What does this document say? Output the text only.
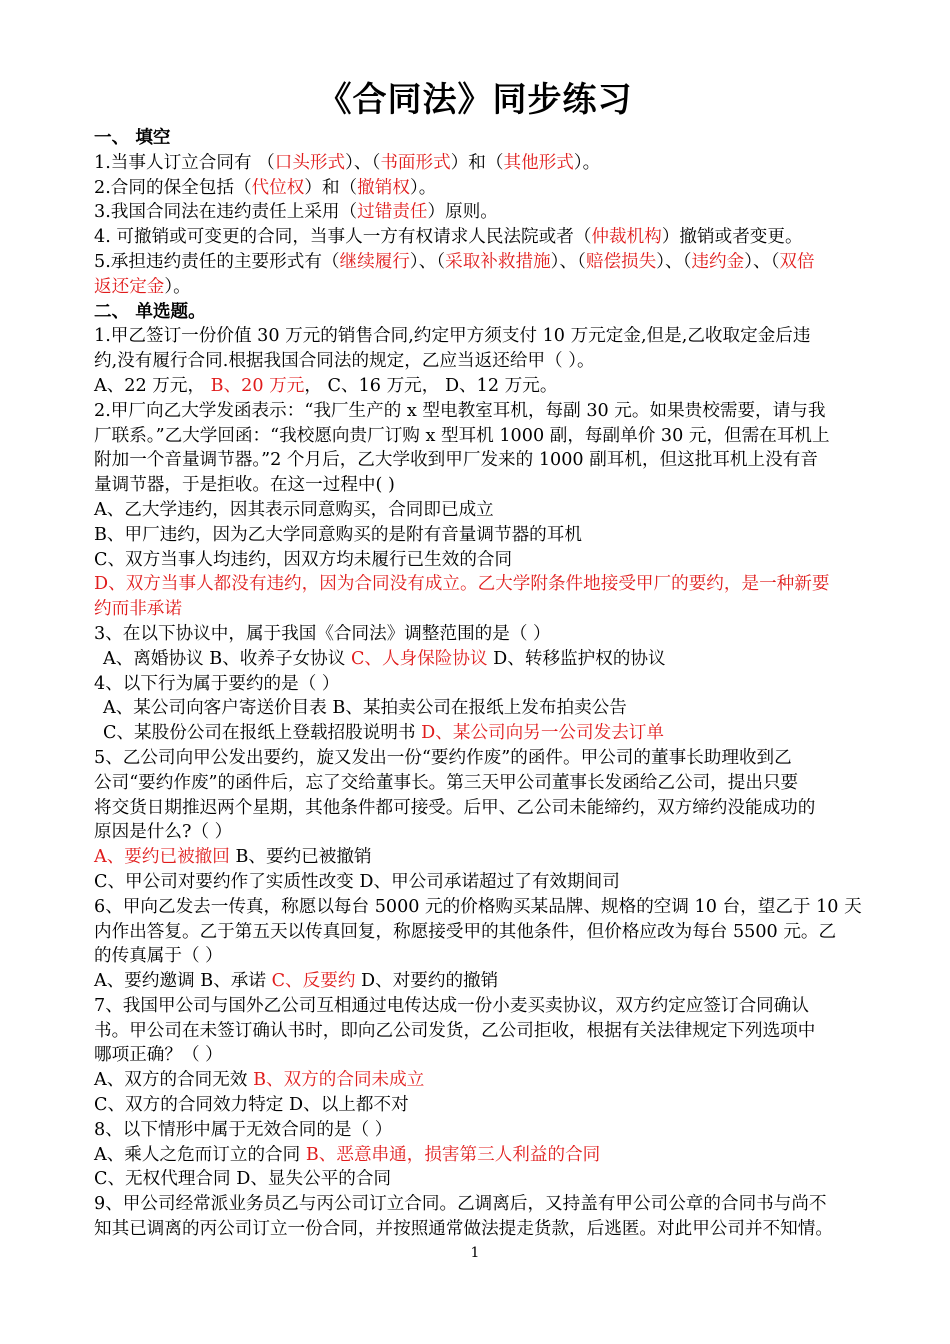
《合同法》同步练习
一、 填空
1.当事人订立合同有 （口头形式）、（书面形式）和（其他形式）。
2.合同的保全包括（代位权）和（撤销权）。
3.我国合同法在违约责任上采用（过错责任）原则。
4. 可撤销或可变更的合同，当事人一方有权请求人民法院或者（仲裁机构）撤销或者变更。
5.承担违约责任的主要形式有（继续履行）、（采取补救措施）、（赔偿损失）、（违约金）、（双倍
返还定金）。
二、 单选题。
1.甲乙签订一份价值 30 万元的销售合同,约定甲方须支付 10 万元定金,但是,乙收取定金后违
约,没有履行合同.根据我国合同法的规定，乙应当返还给甲（ ）。
A、22 万元， B、20 万元， C、16 万元， D、12 万元。
2.甲厂向乙大学发函表示：“我厂生产的 x 型电教室耳机，每副 30 元。如果贵校需要，请与我
厂联系。”乙大学回函：“我校愿向贵厂订购 x 型耳机 1000 副，每副单价 30 元，但需在耳机上
附加一个音量调节器。”2 个月后，乙大学收到甲厂发来的 1000 副耳机，但这批耳机上没有音
量调节器，于是拒收。在这一过程中( )
A、乙大学违约，因其表示同意购买，合同即已成立
B、甲厂违约，因为乙大学同意购买的是附有音量调节器的耳机
C、双方当事人均违约，因双方均未履行已生效的合同
D、双方当事人都没有违约，因为合同没有成立。乙大学附条件地接受甲厂的要约，是一种新要
约而非承诺
3、在以下协议中，属于我国《合同法》调整范围的是（ ）
A、离婚协议 B、收养子女协议 C、人身保险协议 D、转移监护权的协议
4、以下行为属于要约的是（ ）
A、某公司向客户寄送价目表 B、某拍卖公司在报纸上发布拍卖公告
C、某股份公司在报纸上登载招股说明书 D、某公司向另一公司发去订单
5、乙公司向甲公发出要约，旋又发出一份“要约作废”的函件。甲公司的董事长助理收到乙
公司“要约作废”的函件后，忘了交给董事长。第三天甲公司董事长发函给乙公司，提出只要
将交货日期推迟两个星期，其他条件都可接受。后甲、乙公司未能缔约，双方缔约没能成功的
原因是什么?（ ）
A、要约已被撤回 B、要约已被撤销
C、甲公司对要约作了实质性改变 D、甲公司承诺超过了有效期间司
6、甲向乙发去一传真，称愿以每台 5000 元的价格购买某品牌、规格的空调 10 台，望乙于 10 天
内作出答复。乙于第五天以传真回复，称愿接受甲的其他条件，但价格应改为每台 5500 元。乙
的传真属于（ ）
A、要约邀调 B、承诺 C、反要约 D、对要约的撤销
7、我国甲公司与国外乙公司互相通过电传达成一份小麦买卖协议，双方约定应签订合同确认
书。甲公司在未签订确认书时，即向乙公司发货，乙公司拒收，根据有关法律规定下列选项中
哪项正确？（ ）
A、双方的合同无效 B、双方的合同未成立
C、双方的合同效力特定 D、以上都不对
8、以下情形中属于无效合同的是（ ）
A、乘人之危而订立的合同 B、恶意串通，损害第三人利益的合同
C、无权代理合同 D、显失公平的合同
9、甲公司经常派业务员乙与丙公司订立合同。乙调离后，又持盖有甲公司公章的合同书与尚不
知其已调离的丙公司订立一份合同，并按照通常做法提走货款，后逃匿。对此甲公司并不知情。
1
